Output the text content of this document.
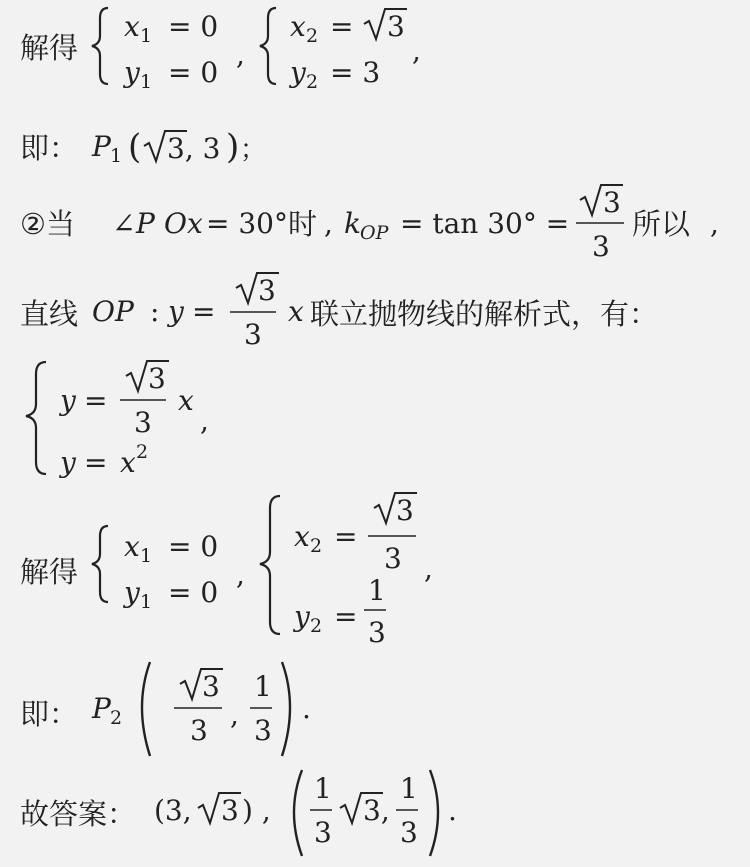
解得
x 1 = 0
y 1 = 0
,
x 2 = 3
y 2 = 3
,
即： P 1 ( 3, 3 ) ；
②当 ∠ P Ox = 30° , k OP = tan 30° =
3
3
,
时	所以
直线 OP : y =
3
3
x 联立抛物线的解析式，有：
y =
3
3
x
,
y = x 2
解得
x 1 = 0
y 1 = 0
,
x 2 =
3
3 ,
y 2 =
1
3
即： P 2
3
3 ,
1
3
.
故答案： (3, 3 ) ,
1
3
3,
1
3
.
